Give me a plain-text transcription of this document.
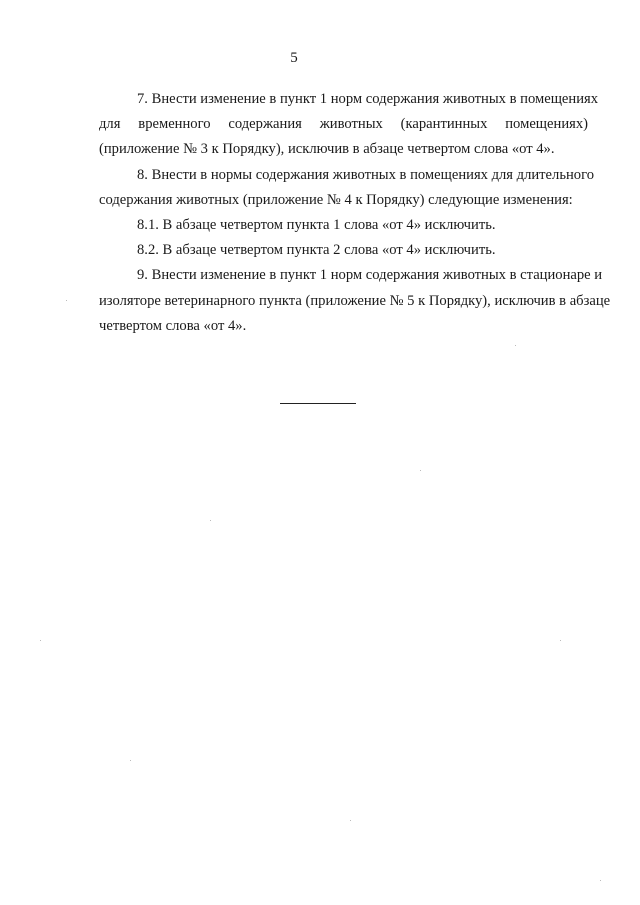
5
7. Внести изменение в пункт 1 норм содержания животных в помещениях
для временного содержания животных (карантинных помещениях)
(приложение № 3 к Порядку), исключив в абзаце четвертом слова «от 4».
8. Внести в нормы содержания животных в помещениях для длительного
содержания животных (приложение № 4 к Порядку) следующие изменения:
8.1. В абзаце четвертом пункта 1 слова «от 4» исключить.
8.2. В абзаце четвертом пункта 2 слова «от 4» исключить.
9. Внести изменение в пункт 1 норм содержания животных в стационаре и
изоляторе ветеринарного пункта (приложение № 5 к Порядку), исключив в абзаце
четвертом слова «от 4».
